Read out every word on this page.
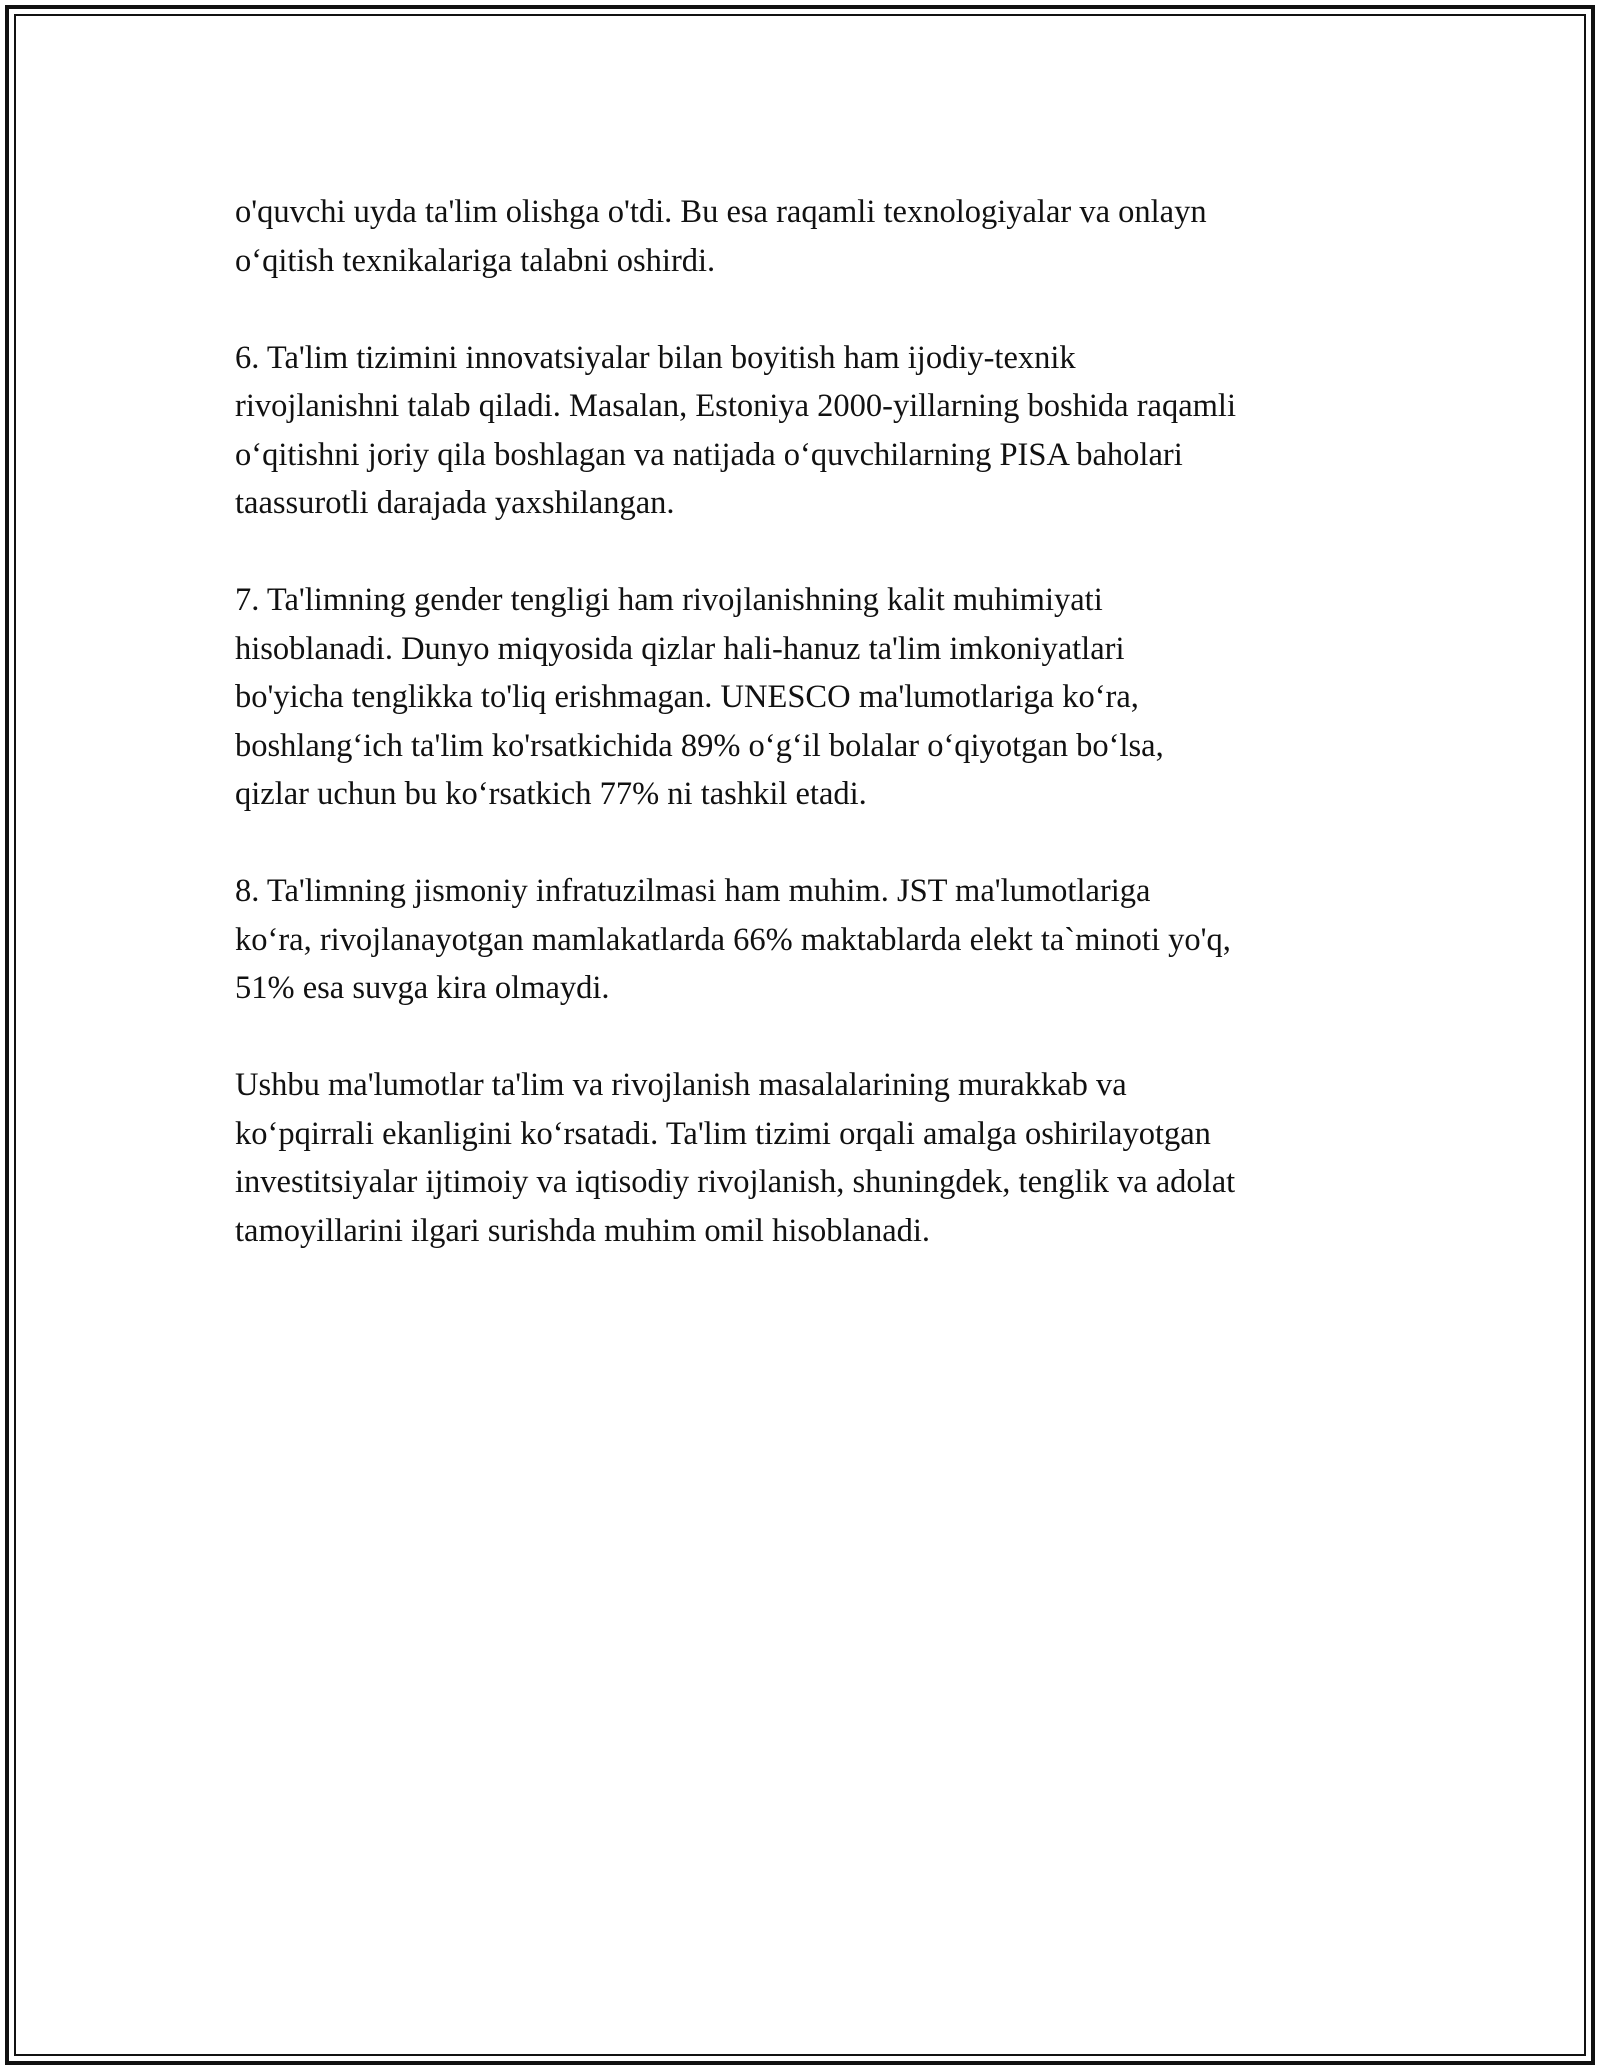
o'quvchi uyda ta'lim olishga o'tdi. Bu esa raqamli texnologiyalar va onlayn
o‘qitish texnikalariga talabni oshirdi.

6. Ta'lim tizimini innovatsiyalar bilan boyitish ham ijodiy-texnik
rivojlanishni talab qiladi. Masalan, Estoniya 2000-yillarning boshida raqamli
o‘qitishni joriy qila boshlagan va natijada o‘quvchilarning PISA baholari
taassurotli darajada yaxshilangan.

7. Ta'limning gender tengligi ham rivojlanishning kalit muhimiyati
hisoblanadi. Dunyo miqyosida qizlar hali-hanuz ta'lim imkoniyatlari
bo'yicha tenglikka to'liq erishmagan. UNESCO ma'lumotlariga ko‘ra,
boshlang‘ich ta'lim ko'rsatkichida 89% o‘g‘il bolalar o‘qiyotgan bo‘lsa,
qizlar uchun bu ko‘rsatkich 77% ni tashkil etadi.

8. Ta'limning jismoniy infratuzilmasi ham muhim. JST ma'lumotlariga
ko‘ra, rivojlanayotgan mamlakatlarda 66% maktablarda elekt ta`minoti yo'q,
51% esa suvga kira olmaydi.

Ushbu ma'lumotlar ta'lim va rivojlanish masalalarining murakkab va
ko‘pqirrali ekanligini ko‘rsatadi. Ta'lim tizimi orqali amalga oshirilayotgan
investitsiyalar ijtimoiy va iqtisodiy rivojlanish, shuningdek, tenglik va adolat
tamoyillarini ilgari surishda muhim omil hisoblanadi.
